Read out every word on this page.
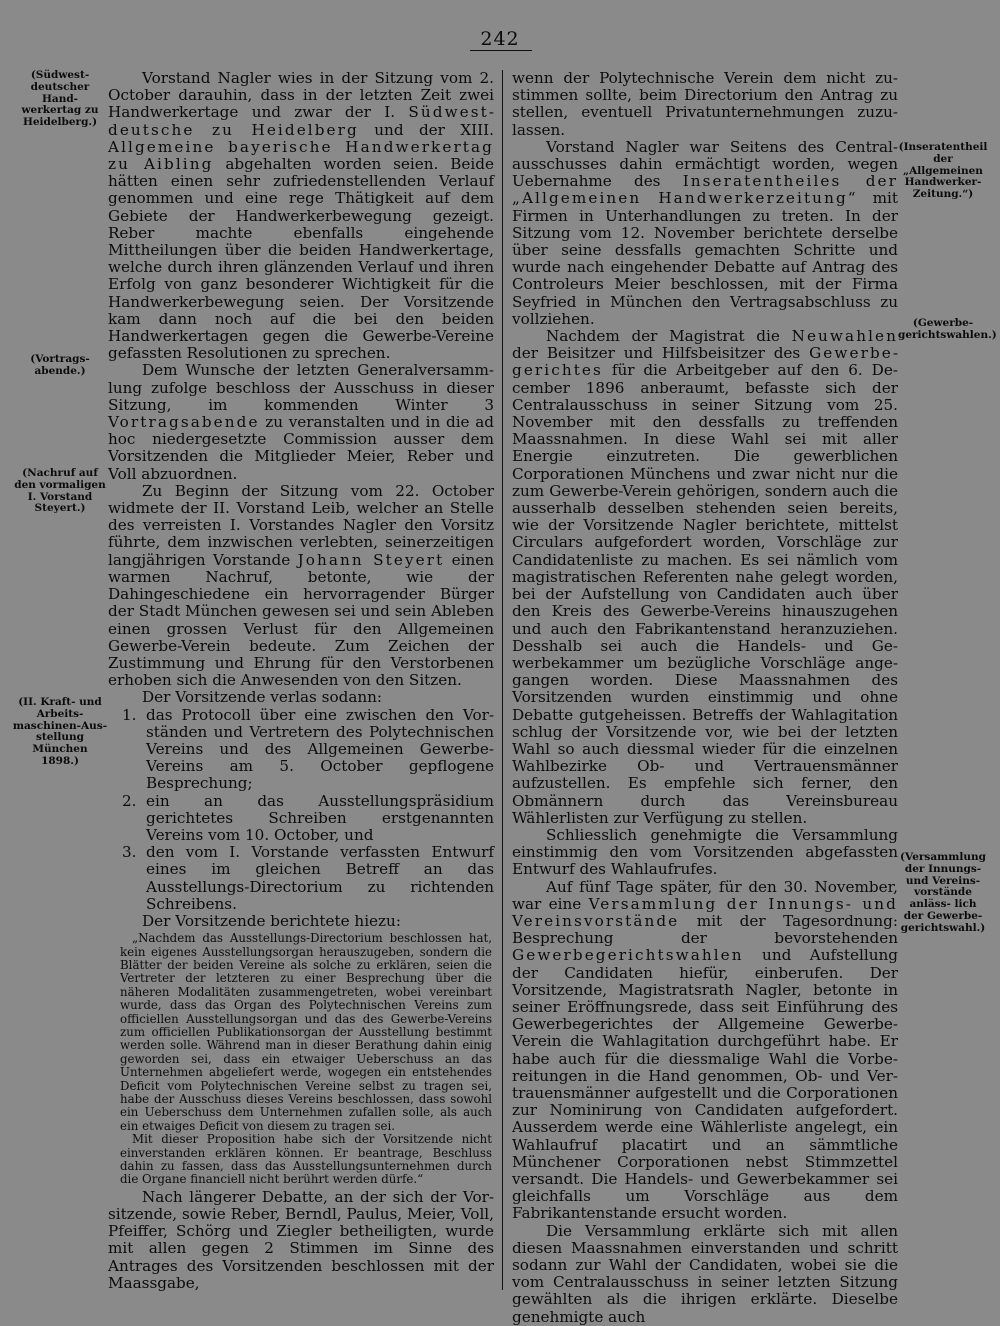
242
(Südwest- deutscher Hand- werkertag zu Heidelberg.)
(Vortrags- abende.)
(Nachruf auf den vormaligen I. Vorstand Steyert.)
(II. Kraft- und Arbeits- maschinen-Aus- stellung München 1898.)
(Inseratentheil der „Allgemeinen Handwerker- Zeitung.“)
(Gewerbe- gerichtswahlen.)
(Versammlung der Innungs- und Vereins- vorstände anläss- lich der Gewerbe- gerichtswahl.)

Vorstand Nagler wies in der Sitzung vom 2. October darauhin, dass in der letzten Zeit zwei Handwerkertage und zwar der I. Südwestdeutsche zu Heidelberg und der XIII. Allgemeine bayerische Handwerkertag zu Aibling abgehalten worden seien. Beide hätten einen sehr zufriedenstellenden Verlauf genommen und eine rege Thätigkeit auf dem Gebiete der Handwerkerbewegung gezeigt. Reber machte ebenfalls eingehende Mittheilungen über die beiden Handwerkertage, welche durch ihren glänzenden Verlauf und ihren Erfolg von ganz besonderer Wichtigkeit für die Handwerkerbewegung seien. Der Vorsitzende kam dann noch auf die bei den beiden Handwerkertagen gegen die Gewerbe-Vereine gefassten Resolutionen zu sprechen.

Dem Wunsche der letzten Generalversammlung zufolge beschloss der Ausschuss in dieser Sitzung, im kommenden Winter 3 Vortragsabende zu veranstalten und in die ad hoc niedergesetzte Commission ausser dem Vorsitzenden die Mitglieder Meier, Reber und Voll abzuordnen.

Zu Beginn der Sitzung vom 22. October widmete der II. Vorstand Leib, welcher an Stelle des verreisten I. Vorstandes Nagler den Vorsitz führte, dem inzwischen verlebten, seinerzeitigen langjährigen Vorstande Johann Steyert einen warmen Nachruf, betonte, wie der Dahingeschiedene ein hervorragender Bürger der Stadt München gewesen sei und sein Ableben einen grossen Verlust für den Allgemeinen Gewerbe-Verein bedeute. Zum Zeichen der Zustimmung und Ehrung für den Verstorbenen erhoben sich die Anwesenden von den Sitzen.

Der Vorsitzende verlas sodann:

1. das Protocoll über eine zwischen den Vorständen und Vertretern des Polytechnischen Vereins und des Allgemeinen Gewerbe-Vereins am 5. October gepflogene Besprechung;
2. ein an das Ausstellungspräsidium gerichtetes Schreiben erstgenannten Vereins vom 10. October, und
3. den vom I. Vorstande verfassten Entwurf eines im gleichen Betreff an das Ausstellungs-Directorium zu richtenden Schreibens.

Der Vorsitzende berichtete hiezu:

„Nachdem das Ausstellungs-Directorium beschlossen hat, kein eigenes Ausstellungsorgan herauszugeben, sondern die Blätter der beiden Vereine als solche zu erklären, seien die Vertreter der letzteren zu einer Besprechung über die näheren Modalitäten zusammengetreten, wobei vereinbart wurde, dass das Organ des Polytechnischen Vereins zum officiellen Ausstellungsorgan und das des Gewerbe-Vereins zum officiellen Publikationsorgan der Ausstellung bestimmt werden solle. Während man in dieser Berathung dahin einig geworden sei, dass ein etwaiger Ueberschuss an das Unternehmen abgeliefert werde, wogegen ein entstehendes Deficit vom Polytechnischen Vereine selbst zu tragen sei, habe der Ausschuss dieses Vereins beschlossen, dass sowohl ein Ueberschuss dem Unternehmen zufallen solle, als auch ein etwaiges Deficit von diesem zu tragen sei.

Mit dieser Proposition habe sich der Vorsitzende nicht einverstanden erklären können. Er beantrage, Beschluss dahin zu fassen, dass das Ausstellungsunternehmen durch die Organe financiell nicht berührt werden dürfe.“

Nach längerer Debatte, an der sich der Vorsitzende, sowie Reber, Berndl, Paulus, Meier, Voll, Pfeiffer, Schörg und Ziegler betheiligten, wurde mit allen gegen 2 Stimmen im Sinne des Antrages des Vorsitzenden beschlossen mit der Maassgabe,

wenn der Polytechnische Verein dem nicht zustimmen sollte, beim Directorium den Antrag zu stellen, eventuell Privatunternehmungen zuzulassen.

Vorstand Nagler war Seitens des Centralausschusses dahin ermächtigt worden, wegen Uebernahme des Inseratentheiles der „Allgemeinen Handwerkerzeitung“ mit Firmen in Unterhandlungen zu treten. In der Sitzung vom 12. November berichtete derselbe über seine dessfalls gemachten Schritte und wurde nach eingehender Debatte auf Antrag des Controleurs Meier beschlossen, mit der Firma Seyfried in München den Vertragsabschluss zu vollziehen.

Nachdem der Magistrat die Neuwahlen der Beisitzer und Hilfsbeisitzer des Gewerbegerichtes für die Arbeitgeber auf den 6. December 1896 anberaumt, befasste sich der Centralausschuss in seiner Sitzung vom 25. November mit den dessfalls zu treffenden Maassnahmen. In diese Wahl sei mit aller Energie einzutreten. Die gewerblichen Corporationen Münchens und zwar nicht nur die zum Gewerbe-Verein gehörigen, sondern auch die ausserhalb desselben stehenden seien bereits, wie der Vorsitzende Nagler berichtete, mittelst Circulars aufgefordert worden, Vorschläge zur Candidatenliste zu machen. Es sei nämlich vom magistratischen Referenten nahe gelegt worden, bei der Aufstellung von Candidaten auch über den Kreis des Gewerbe-Vereins hinauszugehen und auch den Fabrikantenstand heranzuziehen. Desshalb sei auch die Handels- und Gewerbekammer um bezügliche Vorschläge angegangen worden. Diese Maassnahmen des Vorsitzenden wurden einstimmig und ohne Debatte gutgeheissen. Betreffs der Wahlagitation schlug der Vorsitzende vor, wie bei der letzten Wahl so auch diessmal wieder für die einzelnen Wahlbezirke Ob- und Vertrauensmänner aufzustellen. Es empfehle sich ferner, den Obmännern durch das Vereinsbureau Wählerlisten zur Verfügung zu stellen.

Schliesslich genehmigte die Versammlung einstimmig den vom Vorsitzenden abgefassten Entwurf des Wahlaufrufes.

Auf fünf Tage später, für den 30. November, war eine Versammlung der Innungs- und Vereinsvorstände mit der Tagesordnung: Besprechung der bevorstehenden Gewerbegerichtswahlen und Aufstellung der Candidaten hiefür, einberufen. Der Vorsitzende, Magistratsrath Nagler, betonte in seiner Eröffnungsrede, dass seit Einführung des Gewerbegerichtes der Allgemeine Gewerbe-Verein die Wahlagitation durchgeführt habe. Er habe auch für die diessmalige Wahl die Vorbereitungen in die Hand genommen, Ob- und Vertrauensmänner aufgestellt und die Corporationen zur Nominirung von Candidaten aufgefordert. Ausserdem werde eine Wählerliste angelegt, ein Wahlaufruf placatirt und an sämmtliche Münchener Corporationen nebst Stimmzettel versandt. Die Handels- und Gewerbekammer sei gleichfalls um Vorschläge aus dem Fabrikantenstande ersucht worden.

Die Versammlung erklärte sich mit allen diesen Maassnahmen einverstanden und schritt sodann zur Wahl der Candidaten, wobei sie die vom Centralausschuss in seiner letzten Sitzung gewählten als die ihrigen erklärte. Dieselbe genehmigte auch
